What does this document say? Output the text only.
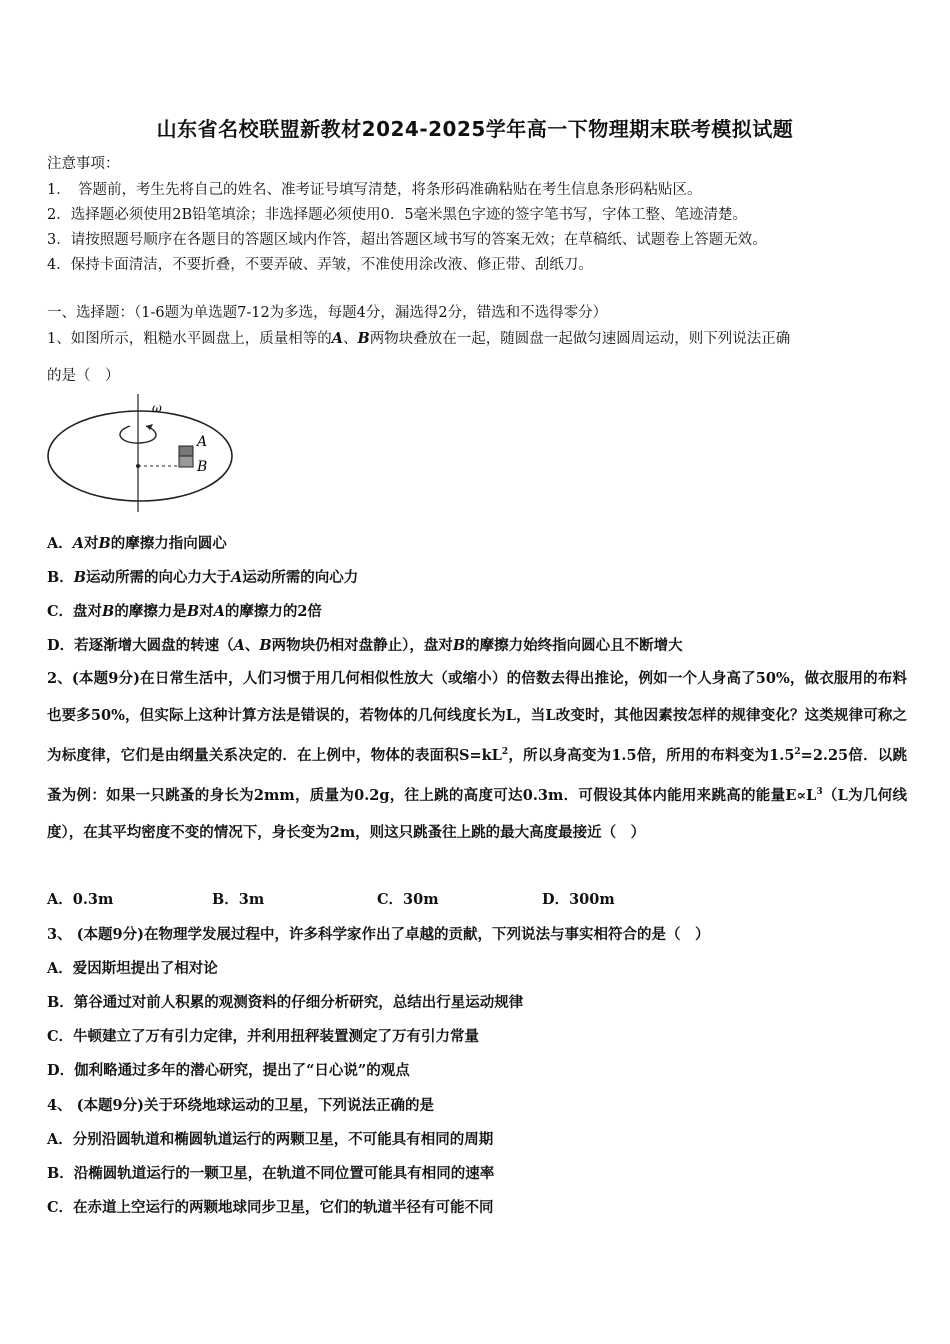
山东省名校联盟新教材2024-2025学年高一下物理期末联考模拟试题
注意事项：
1．　答题前，考生先将自己的姓名、准考证号填写清楚，将条形码准确粘贴在考生信息条形码粘贴区。
2．选择题必须使用2B铅笔填涂；非选择题必须使用0．5毫米黑色字迹的签字笔书写，字体工整、笔迹清楚。
3．请按照题号顺序在各题目的答题区域内作答，超出答题区域书写的答案无效；在草稿纸、试题卷上答题无效。
4．保持卡面清洁，不要折叠，不要弄破、弄皱，不准使用涂改液、修正带、刮纸刀。
一、选择题：（1-6题为单选题7-12为多选，每题4分，漏选得2分，错选和不选得零分）
1、如图所示，粗糙水平圆盘上，质量相等的A、B两物块叠放在一起，随圆盘一起做匀速圆周运动，则下列说法正确
的是（　）
ω
A
B
A．A对B的摩擦力指向圆心
B．B运动所需的向心力大于A运动所需的向心力
C．盘对B的摩擦力是B对A的摩擦力的2倍
D．若逐渐增大圆盘的转速（A、B两物块仍相对盘静止），盘对B的摩擦力始终指向圆心且不断增大
2、(本题9分)在日常生活中，人们习惯于用几何相似性放大（或缩小）的倍数去得出推论，例如一个人身高了50%，做衣服用的布料也要多50%，但实际上这种计算方法是错误的，若物体的几何线度长为L，当L改变时，其他因素按怎样的规律变化？这类规律可称之为标度律，它们是由纲量关系决定的．在上例中，物体的表面积$S=kL^2$，所以身高变为1.5倍，所用的布料变为$1.5^2=2.25$倍．以跳蚤为例：如果一只跳蚤的身长为2mm，质量为0.2g，往上跳的高度可达0.3m．可假设其体内能用来跳高的能量$E\propto L^3(L$为几何线度），在其平均密度不变的情况下，身长变为2m，则这只跳蚤往上跳的最大高度最接近（　）
A．0.3m	B．3m	C．30m	D．300m
3、 (本题9分)在物理学发展过程中，许多科学家作出了卓越的贡献，下列说法与事实相符合的是（　）
A．爱因斯坦提出了相对论
B．第谷通过对前人积累的观测资料的仔细分析研究，总结出行星运动规律
C．牛顿建立了万有引力定律，并利用扭秤装置测定了万有引力常量
D．伽利略通过多年的潜心研究，提出了“日心说”的观点
4、 (本题9分)关于环绕地球运动的卫星，下列说法正确的是
A．分别沿圆轨道和椭圆轨道运行的两颗卫星，不可能具有相同的周期
B．沿椭圆轨道运行的一颗卫星，在轨道不同位置可能具有相同的速率
C．在赤道上空运行的两颗地球同步卫星，它们的轨道半径有可能不同
